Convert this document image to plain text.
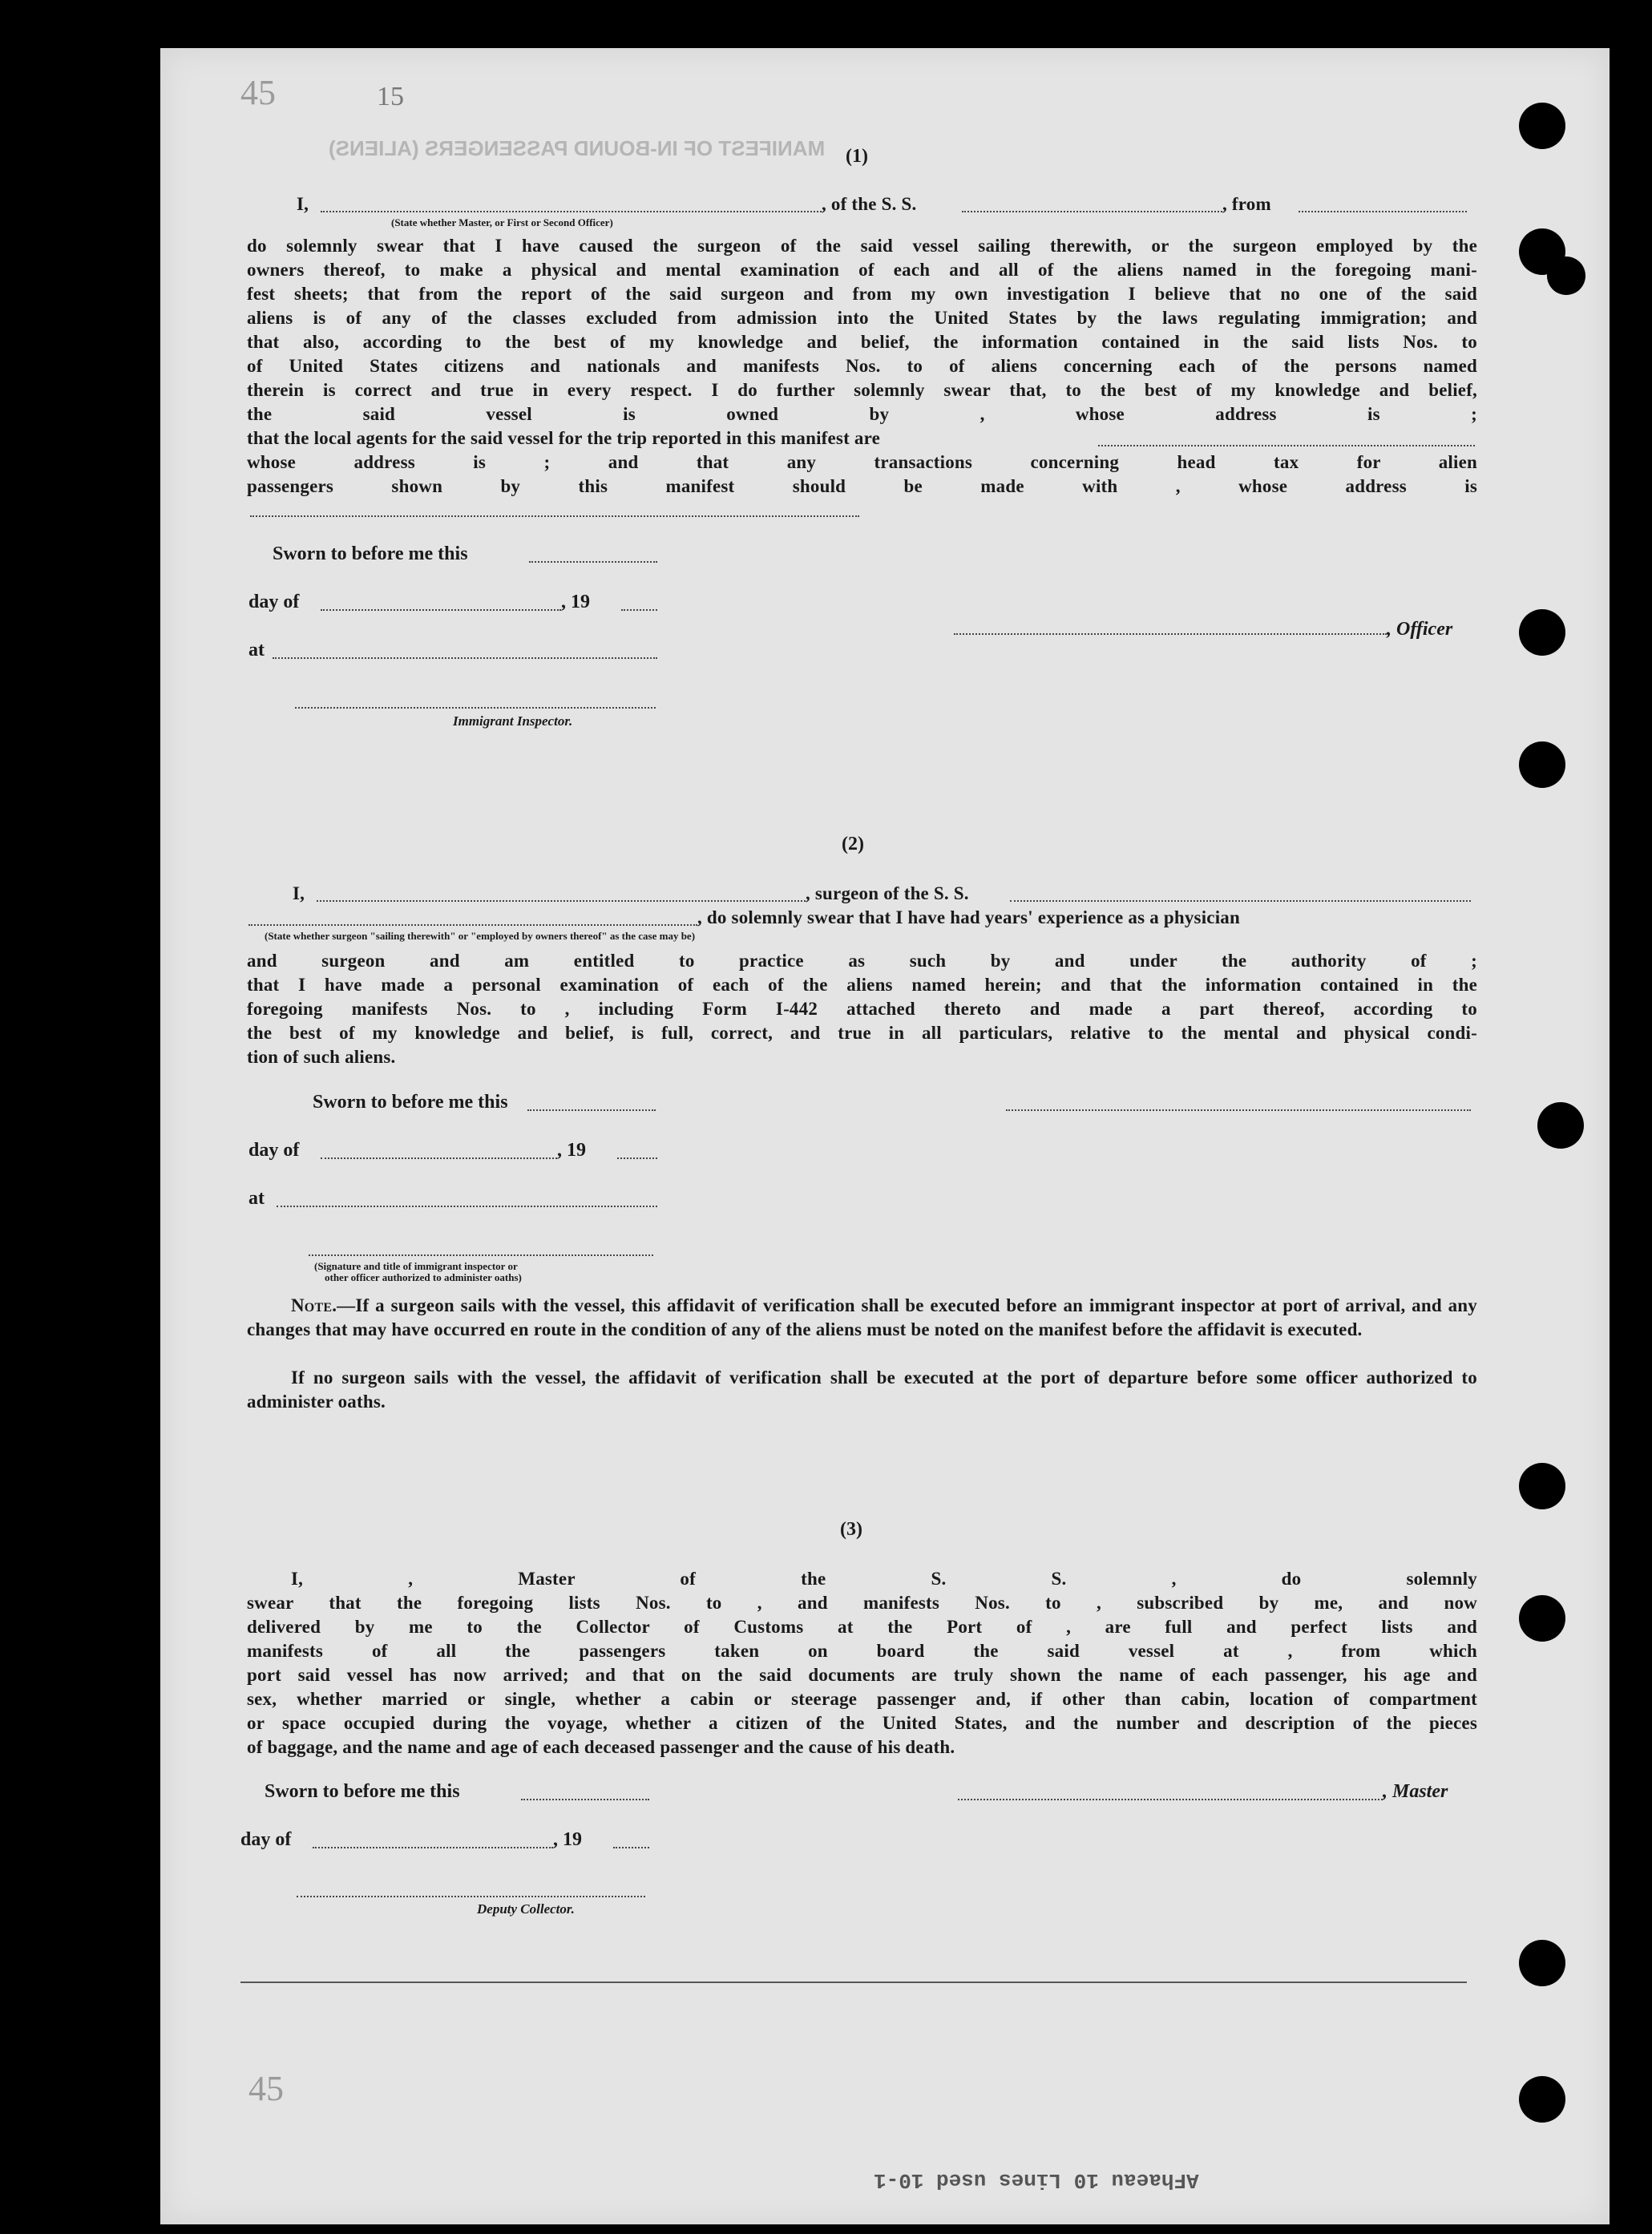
45	15
MANIFEST OF IN-BOUND PASSENGERS (ALIENS) (1)
I,	, of the S. S.	, from
(State whether Master, or First or Second Officer)
do solemnly swear that I have caused the surgeon of the said vessel sailing therewith, or the surgeon employed by the
owners thereof, to make a physical and mental examination of each and all of the aliens named in the foregoing mani-
fest sheets; that from the report of the said surgeon and from my own investigation I believe that no one of the said
aliens is of any of the classes excluded from admission into the United States by the laws regulating immigration; and
that also, according to the best of my knowledge and belief, the information contained in the said lists Nos. to
of United States citizens and nationals and manifests Nos. to of aliens concerning each of the persons named
therein is correct and true in every respect. I do further solemnly swear that, to the best of my knowledge and belief,
the said vessel is owned by , whose address is ;
that the local agents for the said vessel for the trip reported in this manifest are
whose address is ; and that any transactions concerning head tax for alien
passengers shown by this manifest should be made with , whose address is
Sworn to before me this
day of	, 19
at
, Officer
Immigrant Inspector.
(2)
I,	, surgeon of the S. S.
, do solemnly swear that I have had years' experience as a physician
(State whether surgeon "sailing therewith" or "employed by owners thereof" as the case may be)
and surgeon and am entitled to practice as such by and under the authority of ;
that I have made a personal examination of each of the aliens named herein; and that the information contained in the
foregoing manifests Nos. to , including Form I-442 attached thereto and made a part thereof, according to
the best of my knowledge and belief, is full, correct, and true in all particulars, relative to the mental and physical condi-
tion of such aliens.
Sworn to before me this
day of	, 19
at
(Signature and title of immigrant inspector or
other officer authorized to administer oaths)
Note.—If a surgeon sails with the vessel, this affidavit of verification shall be executed before an immigrant inspector at port of arrival, and any changes that may have occurred en route in the condition of any of the aliens must be noted on the manifest before the affidavit is executed.
If no surgeon sails with the vessel, the affidavit of verification shall be executed at the port of departure before some officer authorized to administer oaths.
(3)
I, , Master of the S. S. , do solemnly
swear that the foregoing lists Nos. to , and manifests Nos. to , subscribed by me, and now
delivered by me to the Collector of Customs at the Port of , are full and perfect lists and
manifests of all the passengers taken on board the said vessel at , from which
port said vessel has now arrived; and that on the said documents are truly shown the name of each passenger, his age and
sex, whether married or single, whether a cabin or steerage passenger and, if other than cabin, location of compartment
or space occupied during the voyage, whether a citizen of the United States, and the number and description of the pieces
of baggage, and the name and age of each deceased passenger and the cause of his death.
Sworn to before me this	, Master
day of	, 19
Deputy Collector.
45
AFhaeau 10 Lines used 10-1
